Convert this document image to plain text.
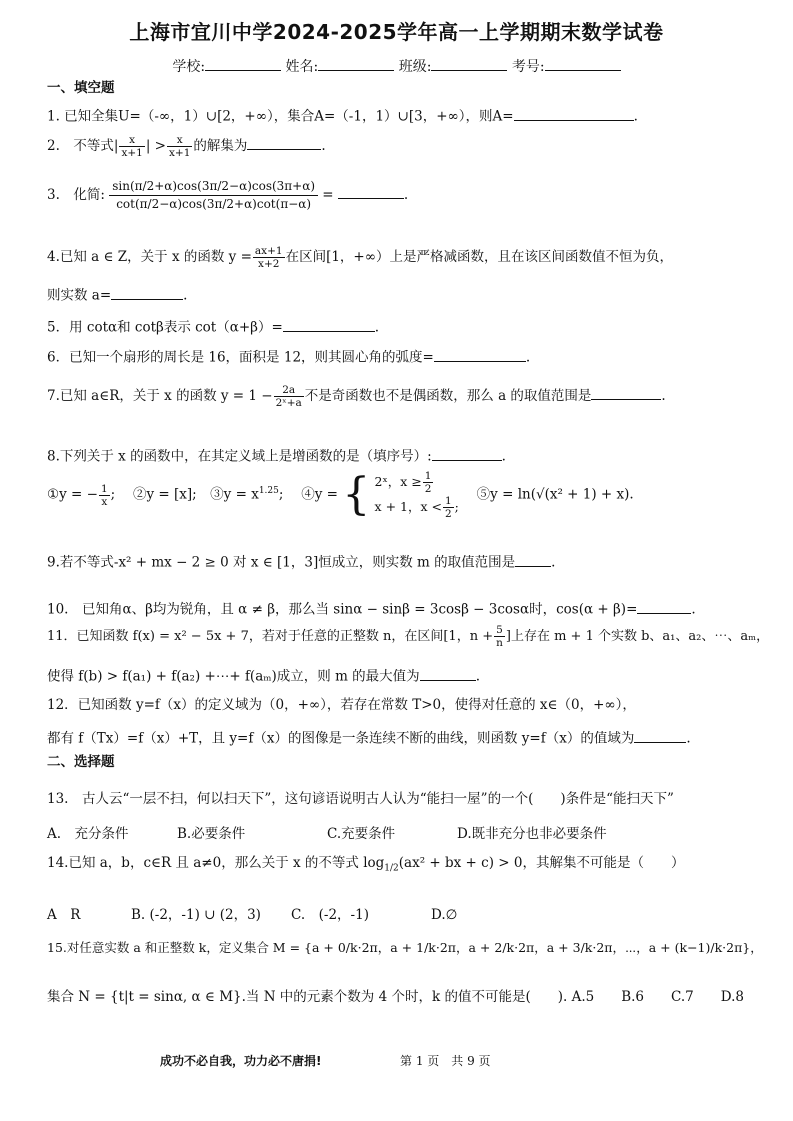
上海市宜川中学2024-2025学年高一上学期期末数学试卷
学校:	姓名:	班级:	考号:
一、填空题
1. 已知全集U=（-∞，1）∪[2，+∞），集合A=（-1，1）∪[3，+∞），则A=	.
2.　不等式| $\frac{x}{x+1}$ | > $\frac{x}{x+1}$ 的解集为	.
3.　化简: $\frac{\sin(\pi/2+\alpha)\cos(3\pi/2-\alpha)\cos(3\pi+\alpha)}{\cot(\pi/2-\alpha)\cos(3\pi/2+\alpha)\cot(\pi-\alpha)}$ =	.
4.已知 a ∈ Z，关于 x 的函数 $y = \frac{ax+1}{x+2}$ 在区间[1，+∞）上是严格减函数，且在该区间函数值不恒为负，
则实数 a=	.
5．用 cotα和 cotβ表示 cot（α+β）=	.
6．已知一个扇形的周长是 16，面积是 12，则其圆心角的弧度=	.
7.已知 a∈R，关于 x 的函数 $y = 1 - \frac{2a}{\text{2ˣ+a}}$ 不是奇函数也不是偶函数，那么 a 的取值范围是	.
8.下列关于 x 的函数中，在其定义域上是增函数的是（填序号）:	.
①y = − $\frac{1}{x}$ ;　 ②y = [x];　③y = $x^{1.25}$;　 ④y = { 2ˣ，$x \ge \frac{1}{2}$
x + 1，$x < \frac{1}{2}$ ;
　⑤y = ln(√(x² + 1) + x).
9.若不等式-x² + mx − 2 ≥ 0 对 x ∈ [1，3]恒成立，则实数 m 的取值范围是	.
10.　已知角α、β均为锐角，且 α ≠ β，那么当 sinα − sinβ = 3cosβ − 3cosα时，cos(α + β)=	.
11．已知函数 f(x) = x² − 5x + 7，若对于任意的正整数 n，在区间[1，$n + \frac{5}{n}$ ]上存在 m + 1 个实数 b、a₁、a₂、⋯、aₘ，
使得 f(b) > f(a₁) + f(a₂) +⋯+ f(aₘ)成立，则 m 的最大值为	.
12．已知函数 y=f（x）的定义域为（0，+∞），若存在常数 T>0，使得对任意的 x∈（0，+∞），
都有 f（Tx）=f（x）+T，且 y=f（x）的图像是一条连续不断的曲线，则函数 y=f（x）的值域为	.
二、选择题
13.　古人云“一层不扫，何以扫天下”，这句谚语说明古人认为“能扫一屋”的一个(　　)条件是“能扫天下”
A.　充分条件	B.必要条件	C.充要条件	D.既非充分也非必要条件
14.已知 a，b，c∈R 且 a≠0，那么关于 x 的不等式 $\log_{1/2}(ax^2$ + bx + c) > 0，其解集不可能是（　　）
A　R	B. (-2，-1) ∪ (2，3) C.　(-2，-1)	D.∅
15.对任意实数 a 和正整数 k，定义集合 M = {a + 0/k·2π，a + 1/k·2π，a + 2/k·2π，a + 3/k·2π，⋯，a + (k−1)/k·2π}，
集合 N = {t|t = sinα, α ∈ M}.当 N 中的元素个数为 4 个时，k 的值不可能是(　　). A.5　　B.6　　C.7　　D.8
成功不必自我，功力必不唐捐!	第 1 页　共 9 页
